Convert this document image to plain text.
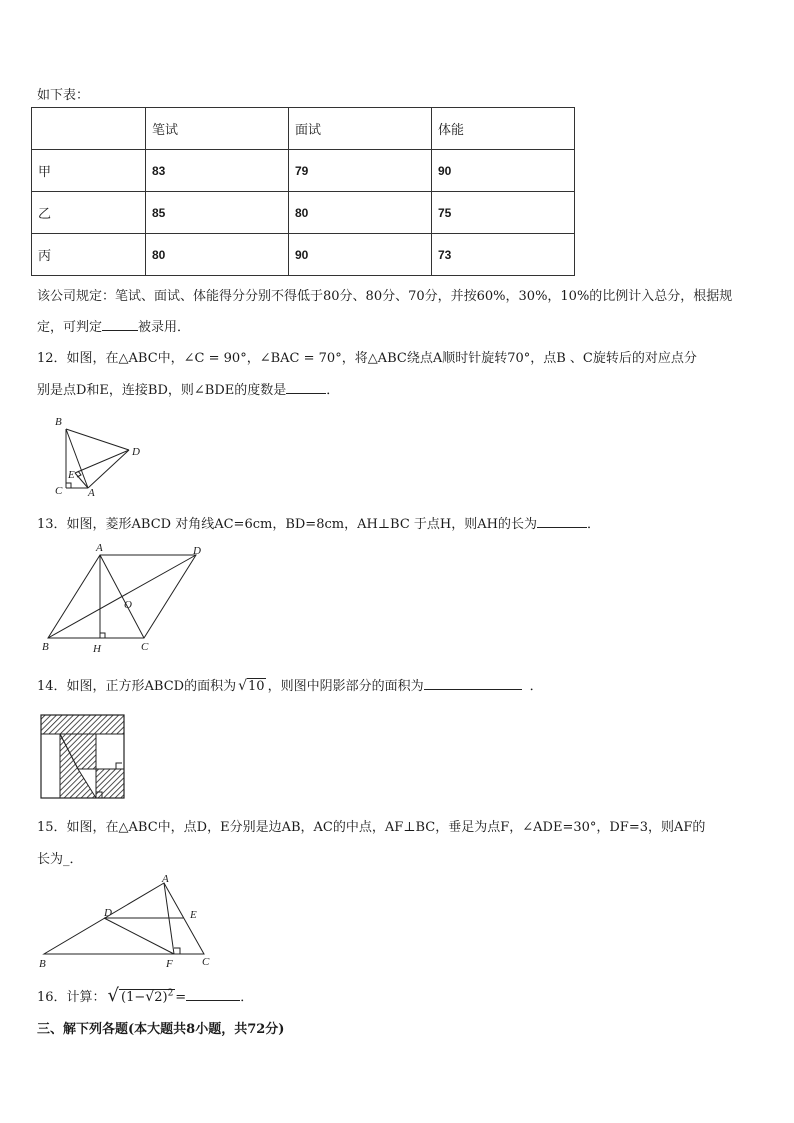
如下表：
	笔试	面试	体能
甲	83	79	90
乙	85	80	75
丙	80	90	73
该公司规定：笔试、面试、体能得分分别不得低于80分、80分、70分，并按60%，30%，10%的比例计入总分，根据规
定，可判定	被录用．
12．如图，在△ABC中，∠C = 90°，∠BAC = 70°，将△ABC绕点A顺时针旋转70°，点B 、C旋转后的对应点分
别是点D和E，连接BD，则∠BDE的度数是	．
B
D
E
C A
13．如图，菱形ABCD 对角线AC=6cm，BD=8cm，AH⊥BC 于点H，则AH的长为	．
A	D
O
B	H	C
14．如图，正方形ABCD的面积为 √10 ，则图中阴影部分的面积为	．
15．如图，在△ABC中，点D，E分别是边AB，AC的中点，AF⊥BC，垂足为点F，∠ADE=30°，DF=3，则AF的
长为_．
A
D	E
B	F	C
16．计算： √ $(1-√2)^2$ =	．
三、解下列各题(本大题共8小题，共72分)
